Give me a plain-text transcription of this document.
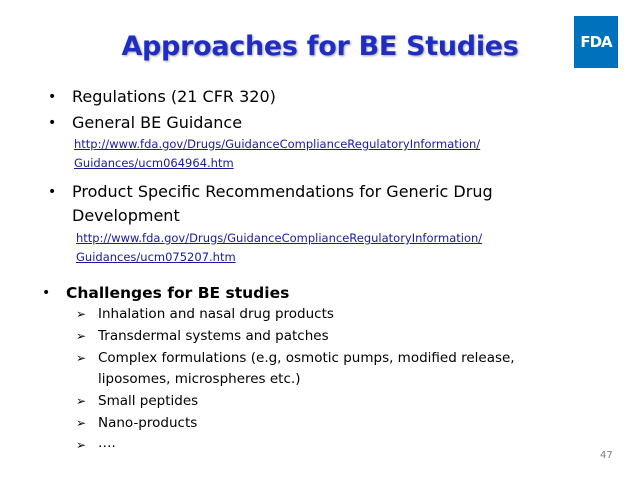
Approaches for BE Studies	FDA
• Regulations (21 CFR 320)
• General BE Guidance
http://www.fda.gov/Drugs/GuidanceComplianceRegulatoryInformation/
Guidances/ucm064964.htm
• Product Specific Recommendations for Generic Drug
Development
http://www.fda.gov/Drugs/GuidanceComplianceRegulatoryInformation/
Guidances/ucm075207.htm
• Challenges for BE studies
➢ Inhalation and nasal drug products
➢ Transdermal systems and patches
➢ Complex formulations (e.g, osmotic pumps, modified release,
liposomes, microspheres etc.)
➢ Small peptides
➢ Nano-products
➢ ….
47
